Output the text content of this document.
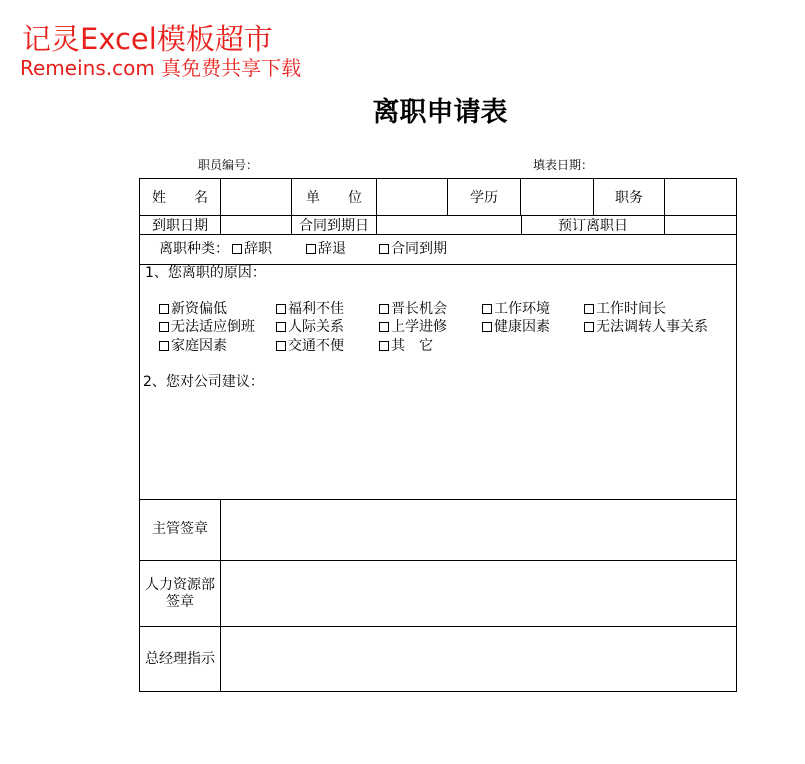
记灵Excel模板超市
Remeins.com 真免费共享下载
离职申请表
职员编号：	填表日期：
姓　　名	单　　位	学历	职务
到职日期	合同到期日	预订离职日
离职种类：	辞职	辞退	合同到期
1、您离职的原因：
新资偏低	福利不佳	晋长机会	工作环境	工作时间长
无法适应倒班	人际关系	上学进修	健康因素	无法调转人事关系
家庭因素	交通不便	其　它
2、您对公司建议：
主管签章
人力资源部
签章
总经理指示
